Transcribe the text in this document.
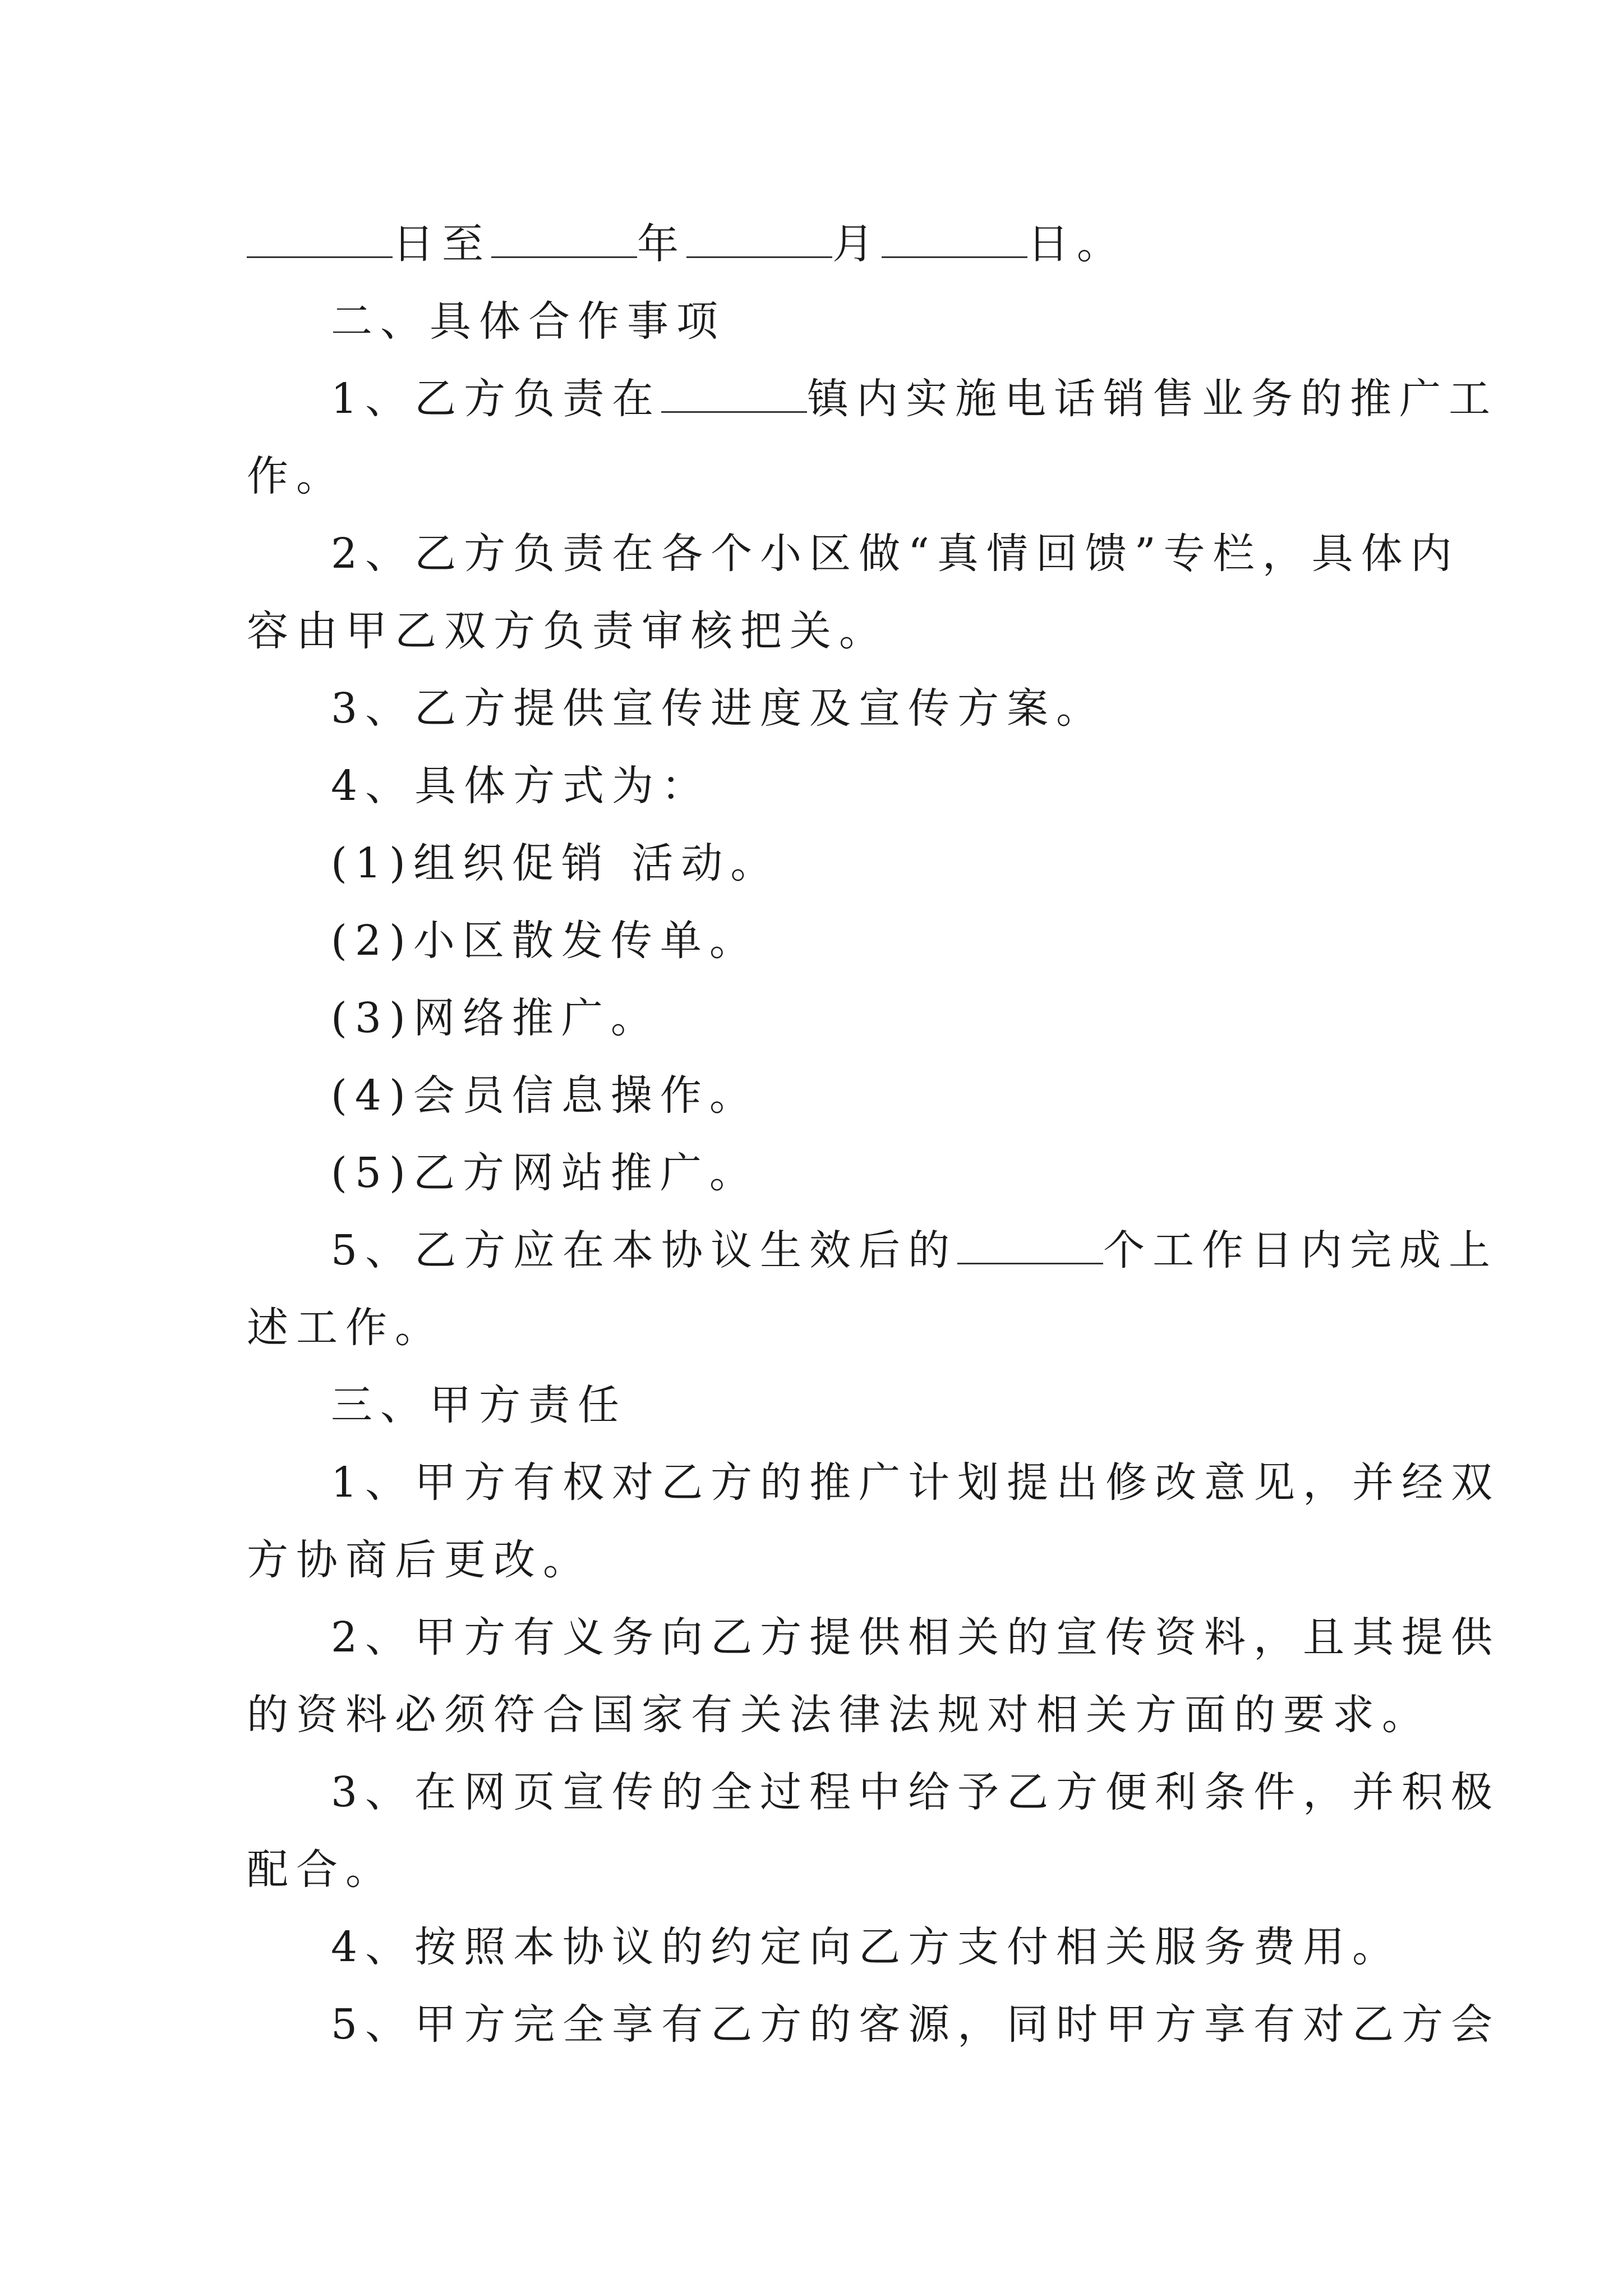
日至	年	月	日。
二、具体合作事项
1、乙方负责在	镇内实施电话销售业务的推广工
作。
2、乙方负责在各个小区做“真情回馈”专栏，具体内
容由甲乙双方负责审核把关。
3、乙方提供宣传进度及宣传方案。
4、具体方式为：
(1)组织促销 活动。
(2)小区散发传单。
(3)网络推广。
(4)会员信息操作。
(5)乙方网站推广。
5、乙方应在本协议生效后的	个工作日内完成上
述工作。
三、甲方责任
1、甲方有权对乙方的推广计划提出修改意见，并经双
方协商后更改。
2、甲方有义务向乙方提供相关的宣传资料，且其提供
的资料必须符合国家有关法律法规对相关方面的要求。
3、在网页宣传的全过程中给予乙方便利条件，并积极
配合。
4、按照本协议的约定向乙方支付相关服务费用。
5、甲方完全享有乙方的客源，同时甲方享有对乙方会
